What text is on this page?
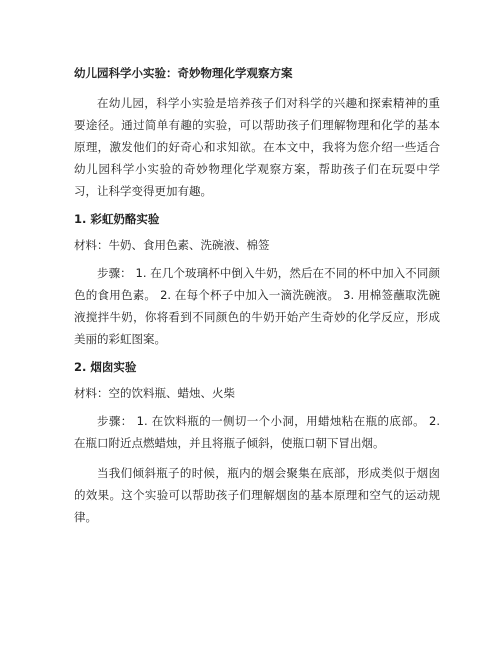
幼儿园科学小实验：奇妙物理化学观察方案
在幼儿园，科学小实验是培养孩子们对科学的兴趣和探索精神的重要途径。通过简单有趣的实验，可以帮助孩子们理解物理和化学的基本原理，激发他们的好奇心和求知欲。在本文中，我将为您介绍一些适合幼儿园科学小实验的奇妙物理化学观察方案，帮助孩子们在玩耍中学习，让科学变得更加有趣。
1. 彩虹奶酪实验
材料：牛奶、食用色素、洗碗液、棉签
步骤： 1. 在几个玻璃杯中倒入牛奶，然后在不同的杯中加入不同颜色的食用色素。 2. 在每个杯子中加入一滴洗碗液。 3. 用棉签蘸取洗碗液搅拌牛奶，你将看到不同颜色的牛奶开始产生奇妙的化学反应，形成美丽的彩虹图案。
2. 烟囱实验
材料：空的饮料瓶、蜡烛、火柴
步骤： 1. 在饮料瓶的一侧切一个小洞，用蜡烛粘在瓶的底部。 2. 在瓶口附近点燃蜡烛，并且将瓶子倾斜，使瓶口朝下冒出烟。
当我们倾斜瓶子的时候，瓶内的烟会聚集在底部，形成类似于烟囱的效果。这个实验可以帮助孩子们理解烟囱的基本原理和空气的运动规律。
